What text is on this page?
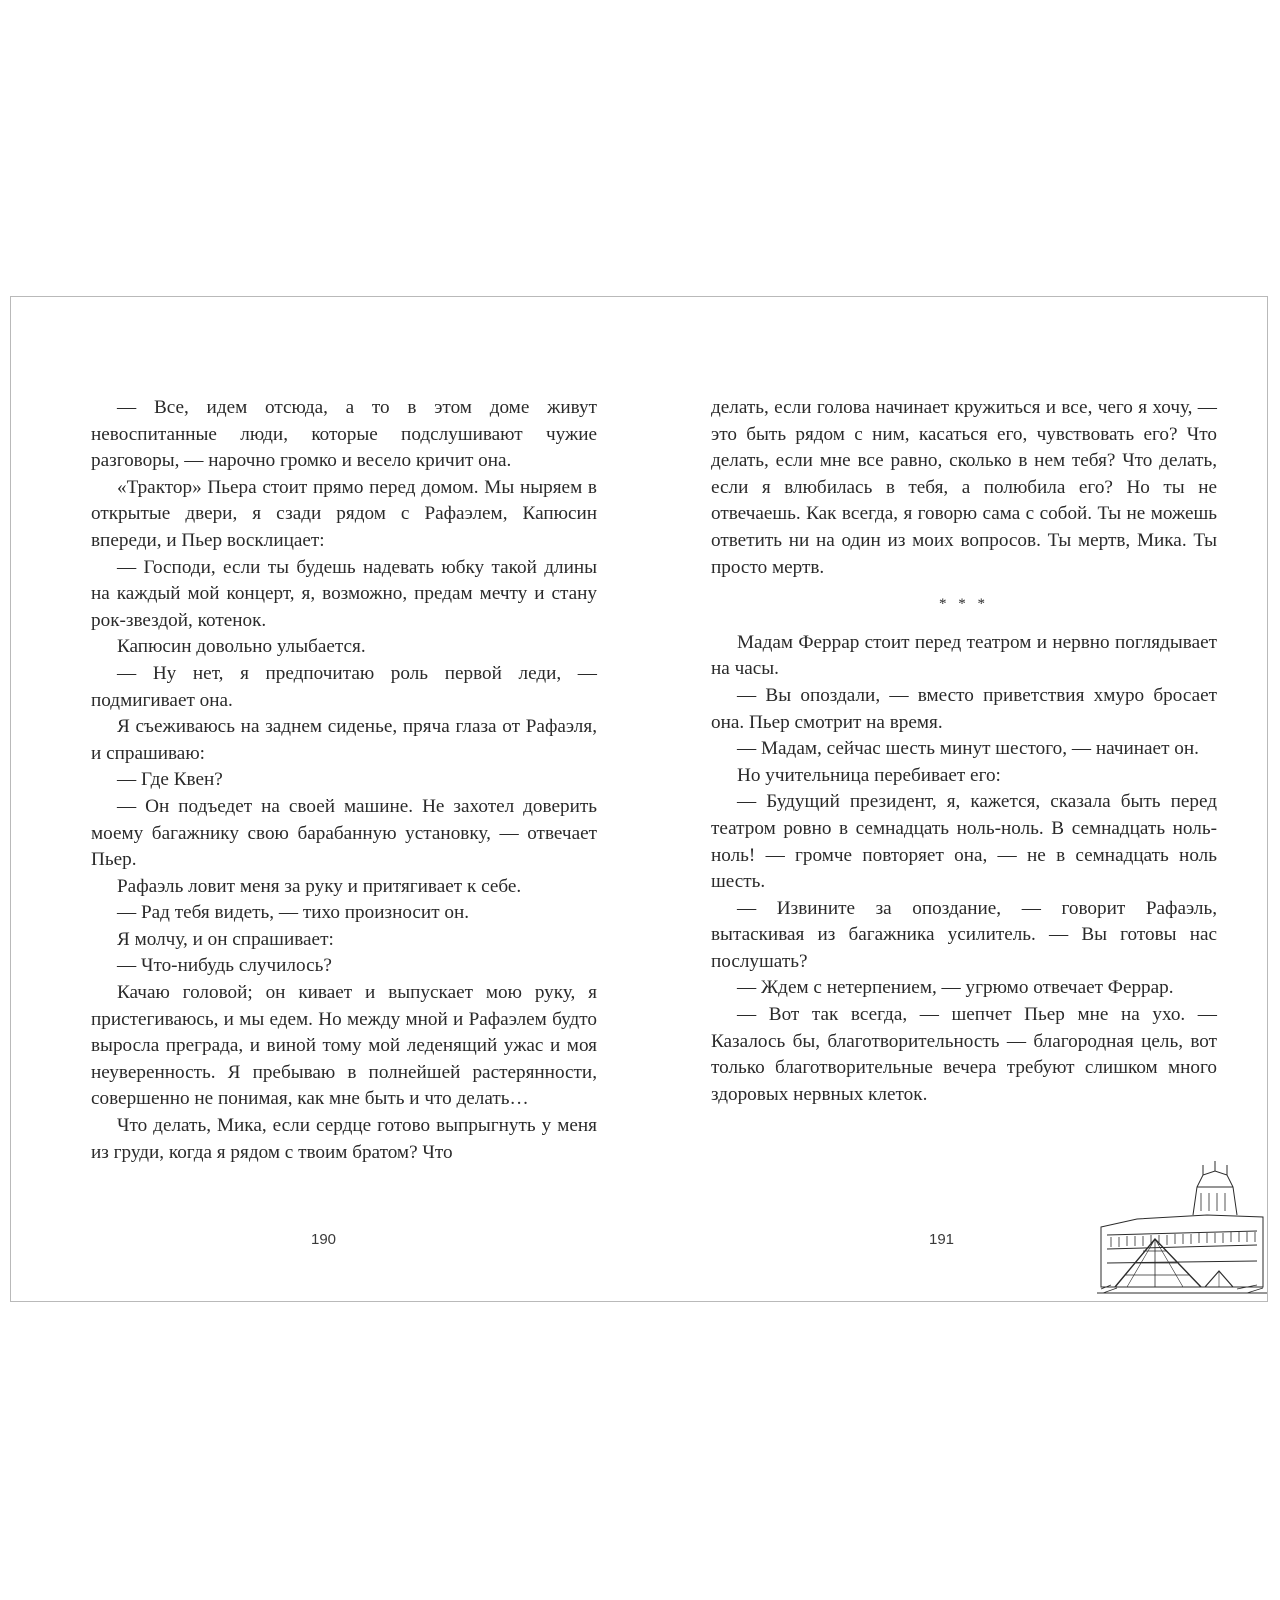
— Все, идем отсюда, а то в этом доме живут невоспитанные люди, которые подслушивают чужие разговоры, — нарочно громко и весело кричит она.

«Трактор» Пьера стоит прямо перед домом. Мы ныряем в открытые двери, я сзади рядом с Рафаэлем, Капюсин впереди, и Пьер восклицает:

— Господи, если ты будешь надевать юбку такой длины на каждый мой концерт, я, возможно, предам мечту и стану рок-звездой, котенок.

Капюсин довольно улыбается.

— Ну нет, я предпочитаю роль первой леди, — подмигивает она.

Я съеживаюсь на заднем сиденье, пряча глаза от Рафаэля, и спрашиваю:

— Где Квен?

— Он подъедет на своей машине. Не захотел доверить моему багажнику свою барабанную установку, — отвечает Пьер.

Рафаэль ловит меня за руку и притягивает к себе.

— Рад тебя видеть, — тихо произносит он.

Я молчу, и он спрашивает:

— Что-нибудь случилось?

Качаю головой; он кивает и выпускает мою руку, я пристегиваюсь, и мы едем. Но между мной и Рафаэлем будто выросла преграда, и виной тому мой леденящий ужас и моя неуверенность. Я пребываю в полнейшей растерянности, совершенно не понимая, как мне быть и что делать…

Что делать, Мика, если сердце готово выпрыгнуть у меня из груди, когда я рядом с твоим братом? Что

190

делать, если голова начинает кружиться и все, чего я хочу, — это быть рядом с ним, касаться его, чувствовать его? Что делать, если мне все равно, сколько в нем тебя? Что делать, если я влюбилась в тебя, а полюбила его? Но ты не отвечаешь. Как всегда, я говорю сама с собой. Ты не можешь ответить ни на один из моих вопросов. Ты мертв, Мика. Ты просто мертв.

* * *

Мадам Феррар стоит перед театром и нервно поглядывает на часы.

— Вы опоздали, — вместо приветствия хмуро бросает она. Пьер смотрит на время.

— Мадам, сейчас шесть минут шестого, — начинает он.

Но учительница перебивает его:

— Будущий президент, я, кажется, сказала быть перед театром ровно в семнадцать ноль-ноль. В семнадцать ноль-ноль! — громче повторяет она, — не в семнадцать ноль шесть.

— Извините за опоздание, — говорит Рафаэль, вытаскивая из багажника усилитель. — Вы готовы нас послушать?

— Ждем с нетерпением, — угрюмо отвечает Феррар.

— Вот так всегда, — шепчет Пьер мне на ухо. — Казалось бы, благотворительность — благородная цель, вот только благотворительные вечера требуют слишком много здоровых нервных клеток.

191
